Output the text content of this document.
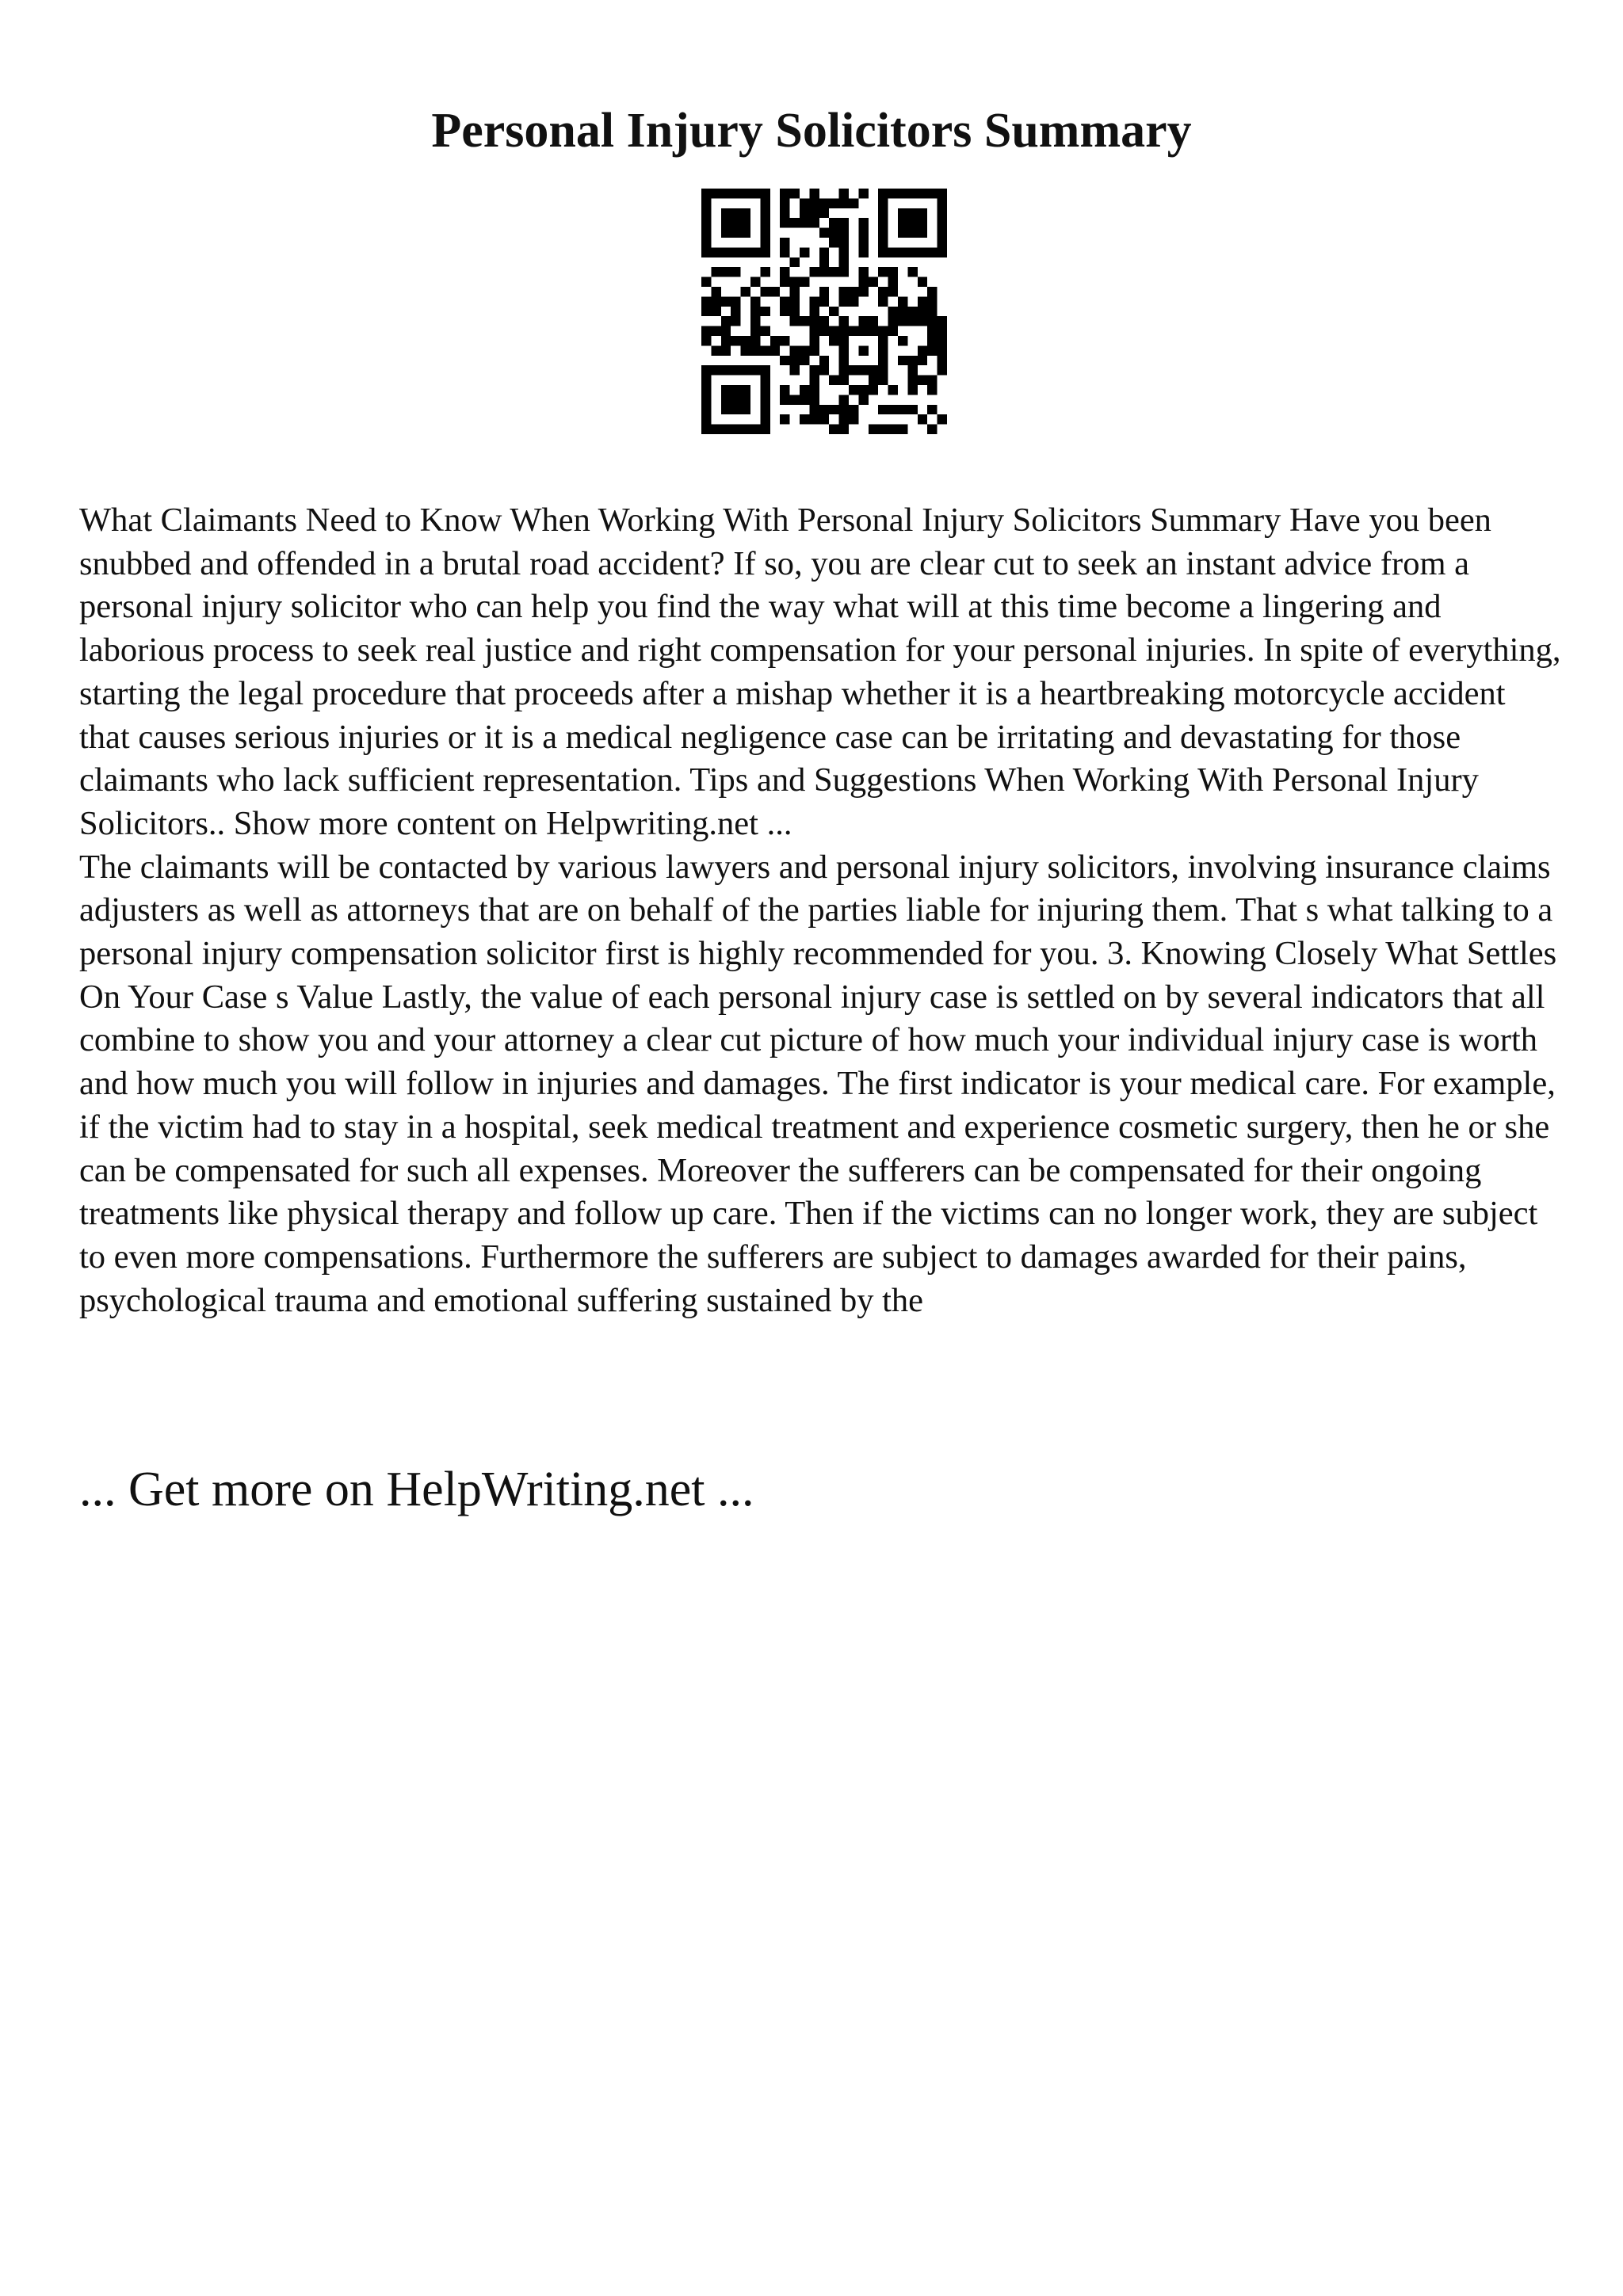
Personal Injury Solicitors Summary

What Claimants Need to Know When Working With Personal Injury Solicitors Summary Have you been snubbed and offended in a brutal road accident? If so, you are clear cut to seek an instant advice from a personal injury solicitor who can help you find the way what will at this time become a lingering and laborious process to seek real justice and right compensation for your personal injuries. In spite of everything, starting the legal procedure that proceeds after a mishap whether it is a heartbreaking motorcycle accident that causes serious injuries or it is a medical negligence case can be irritating and devastating for those claimants who lack sufficient representation. Tips and Suggestions When Working With Personal Injury Solicitors.. Show more content on Helpwriting.net ...

The claimants will be contacted by various lawyers and personal injury solicitors, involving insurance claims adjusters as well as attorneys that are on behalf of the parties liable for injuring them. That s what talking to a personal injury compensation solicitor first is highly recommended for you. 3. Knowing Closely What Settles On Your Case s Value Lastly, the value of each personal injury case is settled on by several indicators that all combine to show you and your attorney a clear cut picture of how much your individual injury case is worth and how much you will follow in injuries and damages. The first indicator is your medical care. For example, if the victim had to stay in a hospital, seek medical treatment and experience cosmetic surgery, then he or she can be compensated for such all expenses. Moreover the sufferers can be compensated for their ongoing treatments like physical therapy and follow up care. Then if the victims can no longer work, they are subject to even more compensations. Furthermore the sufferers are subject to damages awarded for their pains, psychological trauma and emotional suffering sustained by the

... Get more on HelpWriting.net ...
